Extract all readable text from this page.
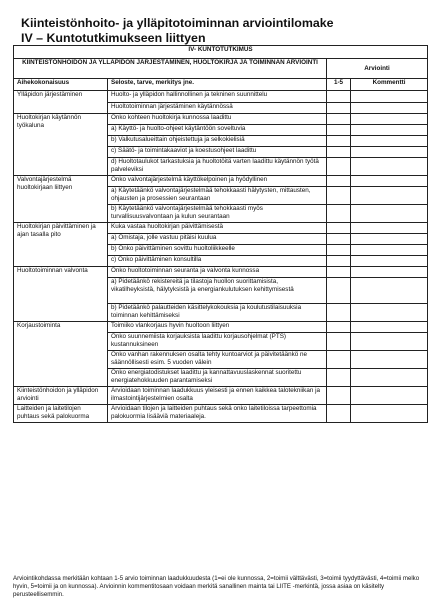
Kiinteistönhoito- ja ylläpitotoiminnan arviointilomake
IV – Kuntotutkimukseen liittyen
IV- KUNTOTUTKIMUS			
KIINTEISTÖNHOIDON JA YLLÄPIDON JÄRJESTÄMINEN, HUOLTOKIRJA JA TOIMINNAN ARVIOINTI		Arviointi	
Aihekokonaisuus	Seloste, tarve, merkitys jne.	1-5	Kommentti
Ylläpidon järjestäminen	Huolto- ja ylläpidon hallinnollinen ja tekninen suunnittelu		
	Huoltotoiminnan järjestäminen käytännössä		
Huoltokirjan käytännön työkaluna	Onko kohteen huoltokirja kunnossa laadittu		
	a) Käyttö- ja huolto-ohjeet käytäntöön soveltuvia		
	b) Valkutusalueittain ohjeistettuja ja selkokielisiä		
	c) Säätö- ja toimintakaaviot ja koestusohjeet laadittu		
	d) Huoltotaulukot tarkastuksia ja huoltotöitä varten laadittu käytännön työtä palveleviksi		
Valvontajärjestelmä huoltokirjaan liittyen	Onko valvontajärjestelmä käyttökelpoinen ja hyödyllinen		
	a) Käytetäänkö valvontajärjestelmää tehokkaasti hälytysten, mittausten, ohjausten ja prosessien seurantaan		
	b) Käytetäänkö valvontajärjestelmää tehokkaasti myös turvallisuusvalvontaan ja kulun seurantaan		
Huoltokirjan päivittäminen ja ajan tasalla pito	Kuka vastaa huoltokirjan päivittämisestä		
	a) Omistaja, jolle vastuu pitäisi kuulua		
	b) Onko päivittäminen sovittu huoltoliikkeelle		
	c) Onko päivittäminen konsultilla		
Huoltotoiminnan valvonta	Onko huoltotoiminnan seuranta ja valvonta kunnossa		
	a) Pidetäänkö rekistereitä ja tilastoja huollon suorittamisista, vikatilheyksistä, hälytyksistä ja energiankulutuksen kehittymisestä		
	b) Pidetäänkö palautteiden käsittelykokouksia ja koulutustilaisuuksia toiminnan kehittämiseksi		
Korjaustoiminta	Toimiiko vlankorjaus hyvin huoltoon liittyen		
	Onko suunnemiista korjauksista laadittu korjausohjelmat (PTS) kustannuksineen		
	Onko vanhan rakennuksen osalta tehty kuntoarviot ja päivitetäänkö ne säännöllisesti esim. 5 vuoden välein		
	Onko energiatodistukset laadittu ja kannattavuuslaskennat suoritettu energiatehokkuuden parantamiseksi		
Kiinteistönhoidon ja ylläpidon arviointi	Arvioidaan toiminnan laadukkuus yleisesti ja ennen kaikkea talotekniikan ja ilmastointijärjestelmien osalta		
Laitteiden ja laitetilojen puhtaus sekä palokuorma	Arvioidaan tilojen ja laitteiden puhtaus sekä onko laitetiloissa tarpeettomia palokuormia lisääviä materiaaleja.		
Arviointikohdassa merkitään kohtaan 1-5 arvio toiminnan laadukkuudesta (1=ei ole kunnossa, 2=toimii välttävästi, 3=toimii tyydyttävästi, 4=toimii melko hyvin, 5=toimii ja on kunnossa). Arvioinnin kommentitosaan voidaan merkitä sanallinen mainta tai LIITE -merkintä, jossa asiaa on käsitelty perusteellisemmin.
